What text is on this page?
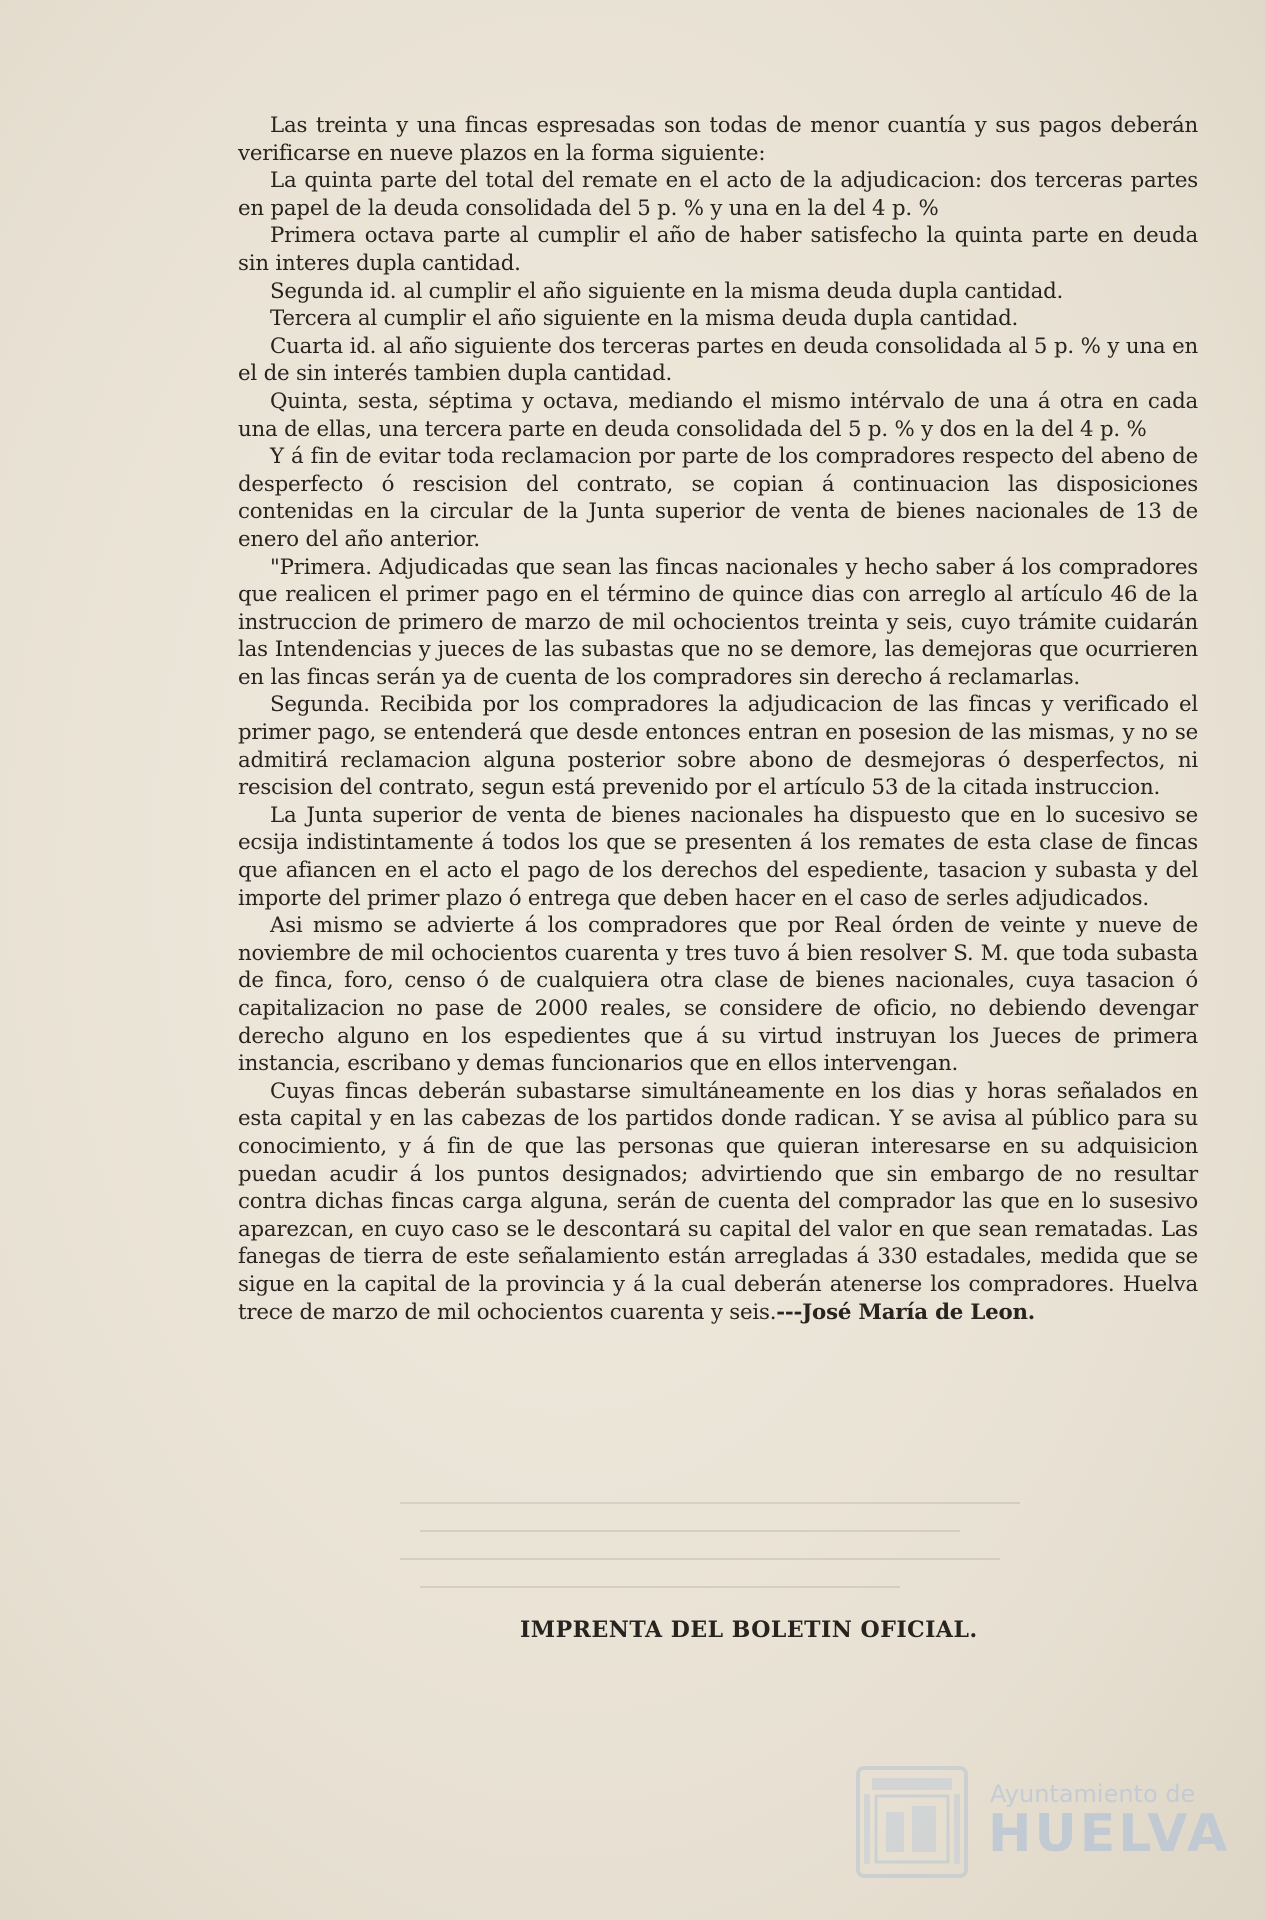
Las treinta y una fincas espresadas son todas de menor cuantía y sus pagos deberán verificarse en nueve plazos en la forma siguiente:

La quinta parte del total del remate en el acto de la adjudicacion: dos terceras partes en papel de la deuda consolidada del 5 p. % y una en la del 4 p. %

Primera octava parte al cumplir el año de haber satisfecho la quinta parte en deuda sin interes dupla cantidad.

Segunda id. al cumplir el año siguiente en la misma deuda dupla cantidad.

Tercera al cumplir el año siguiente en la misma deuda dupla cantidad.

Cuarta id. al año siguiente dos terceras partes en deuda consolidada al 5 p. % y una en el de sin interés tambien dupla cantidad.

Quinta, sesta, séptima y octava, mediando el mismo intérvalo de una á otra en cada una de ellas, una tercera parte en deuda consolidada del 5 p. % y dos en la del 4 p. %

Y á fin de evitar toda reclamacion por parte de los compradores respecto del abeno de desperfecto ó rescision del contrato, se copian á continuacion las disposiciones contenidas en la circular de la Junta superior de venta de bienes nacionales de 13 de enero del año anterior.

"Primera. Adjudicadas que sean las fincas nacionales y hecho saber á los compradores que realicen el primer pago en el término de quince dias con arreglo al artículo 46 de la instruccion de primero de marzo de mil ochocientos treinta y seis, cuyo trámite cuidarán las Intendencias y jueces de las subastas que no se demore, las demejoras que ocurrieren en las fincas serán ya de cuenta de los compradores sin derecho á reclamarlas.

Segunda. Recibida por los compradores la adjudicacion de las fincas y verificado el primer pago, se entenderá que desde entonces entran en posesion de las mismas, y no se admitirá reclamacion alguna posterior sobre abono de desmejoras ó desperfectos, ni rescision del contrato, segun está prevenido por el artículo 53 de la citada instruccion.

La Junta superior de venta de bienes nacionales ha dispuesto que en lo sucesivo se ecsija indistintamente á todos los que se presenten á los remates de esta clase de fincas que afiancen en el acto el pago de los derechos del espediente, tasacion y subasta y del importe del primer plazo ó entrega que deben hacer en el caso de serles adjudicados.

Asi mismo se advierte á los compradores que por Real órden de veinte y nueve de noviembre de mil ochocientos cuarenta y tres tuvo á bien resolver S. M. que toda subasta de finca, foro, censo ó de cualquiera otra clase de bienes nacionales, cuya tasacion ó capitalizacion no pase de 2000 reales, se considere de oficio, no debiendo devengar derecho alguno en los espedientes que á su virtud instruyan los Jueces de primera instancia, escribano y demas funcionarios que en ellos intervengan.

Cuyas fincas deberán subastarse simultáneamente en los dias y horas señalados en esta capital y en las cabezas de los partidos donde radican. Y se avisa al público para su conocimiento, y á fin de que las personas que quieran interesarse en su adquisicion puedan acudir á los puntos designados; advirtiendo que sin embargo de no resultar contra dichas fincas carga alguna, serán de cuenta del comprador las que en lo susesivo aparezcan, en cuyo caso se le descontará su capital del valor en que sean rematadas. Las fanegas de tierra de este señalamiento están arregladas á 330 estadales, medida que se sigue en la capital de la provincia y á la cual deberán atenerse los compradores. Huelva trece de marzo de mil ochocientos cuarenta y seis.---José María de Leon.

IMPRENTA DEL BOLETIN OFICIAL.
Ayuntamiento de
HUELVA
